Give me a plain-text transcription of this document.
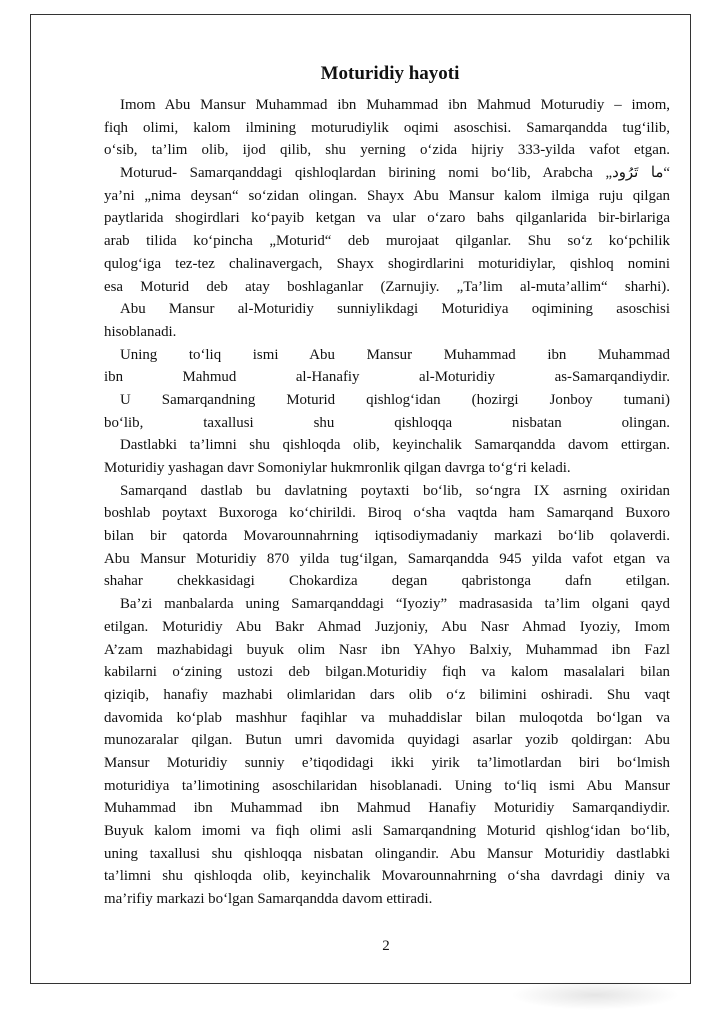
Moturidiy hayoti
Imom Abu Mansur Muhammad ibn Muhammad ibn Mahmud Moturudiy – imom,
fiqh olimi, kalom ilmining moturudiylik oqimi asoschisi. Samarqandda tug‘ilib,
o‘sib, ta’lim olib, ijod qilib, shu yerning o‘zida hijriy 333-yilda vafot etgan.
Moturud- Samarqanddagi qishloqlardan birining nomi bo‘lib, Arabcha „ما تَرُود“
ya’ni „nima deysan“ so‘zidan olingan. Shayx Abu Mansur kalom ilmiga ruju qilgan
paytlarida shogirdlari ko‘payib ketgan va ular o‘zaro bahs qilganlarida bir-birlariga
arab tilida ko‘pincha „Moturid“ deb murojaat qilganlar. Shu so‘z ko‘pchilik
qulog‘iga tez-tez chalinavergach, Shayx shogirdlarini moturidiylar, qishloq nomini
esa Moturid deb atay boshlaganlar (Zarnujiy. „Ta’lim al-muta’allim“ sharhi).
Abu Mansur al-Moturidiy sunniylikdagi Moturidiya oqimining asoschisi
hisoblanadi.
Uning to‘liq ismi Abu Mansur Muhammad ibn Muhammad
ibn Mahmud al-Hanafiy al-Moturidiy as-Samarqandiydir.
U Samarqandning Moturid qishlog‘idan (hozirgi Jonboy tumani)
bo‘lib, taxallusi shu qishloqqa nisbatan olingan.
Dastlabki ta’limni shu qishloqda olib, keyinchalik Samarqandda davom ettirgan.
Moturidiy yashagan davr Somoniylar hukmronlik qilgan davrga to‘g‘ri keladi.
Samarqand dastlab bu davlatning poytaxti bo‘lib, so‘ngra IX asrning oxiridan
boshlab poytaxt Buxoroga ko‘chirildi. Biroq o‘sha vaqtda ham Samarqand Buxoro
bilan bir qatorda Movarounnahrning iqtisodiymadaniy markazi bo‘lib qolaverdi.
Abu Mansur Moturidiy 870 yilda tug‘ilgan, Samarqandda 945 yilda vafot etgan va
shahar chekkasidagi Chokardiza degan qabristonga dafn etilgan.
Ba’zi manbalarda uning Samarqanddagi “Iyoziy” madrasasida ta’lim olgani qayd
etilgan. Moturidiy Abu Bakr Ahmad Juzjoniy, Abu Nasr Ahmad Iyoziy, Imom
A’zam mazhabidagi buyuk olim Nasr ibn YAhyo Balxiy, Muhammad ibn Fazl
kabilarni o‘zining ustozi deb bilgan.Moturidiy fiqh va kalom masalalari bilan
qiziqib, hanafiy mazhabi olimlaridan dars olib o‘z bilimini oshiradi. Shu vaqt
davomida ko‘plab mashhur faqihlar va muhaddislar bilan muloqotda bo‘lgan va
munozaralar qilgan. Butun umri davomida quyidagi asarlar yozib qoldirgan: Abu
Mansur Moturidiy sunniy e’tiqodidagi ikki yirik ta’limotlardan biri bo‘lmish
moturidiya ta’limotining asoschilaridan hisoblanadi. Uning to‘liq ismi Abu Mansur
Muhammad ibn Muhammad ibn Mahmud Hanafiy Moturidiy Samarqandiydir.
Buyuk kalom imomi va fiqh olimi asli Samarqandning Moturid qishlog‘idan bo‘lib,
uning taxallusi shu qishloqqa nisbatan olingandir. Abu Mansur Moturidiy dastlabki
ta’limni shu qishloqda olib, keyinchalik Movarounnahrning o‘sha davrdagi diniy va
ma’rifiy markazi bo‘lgan Samarqandda davom ettiradi.
2
